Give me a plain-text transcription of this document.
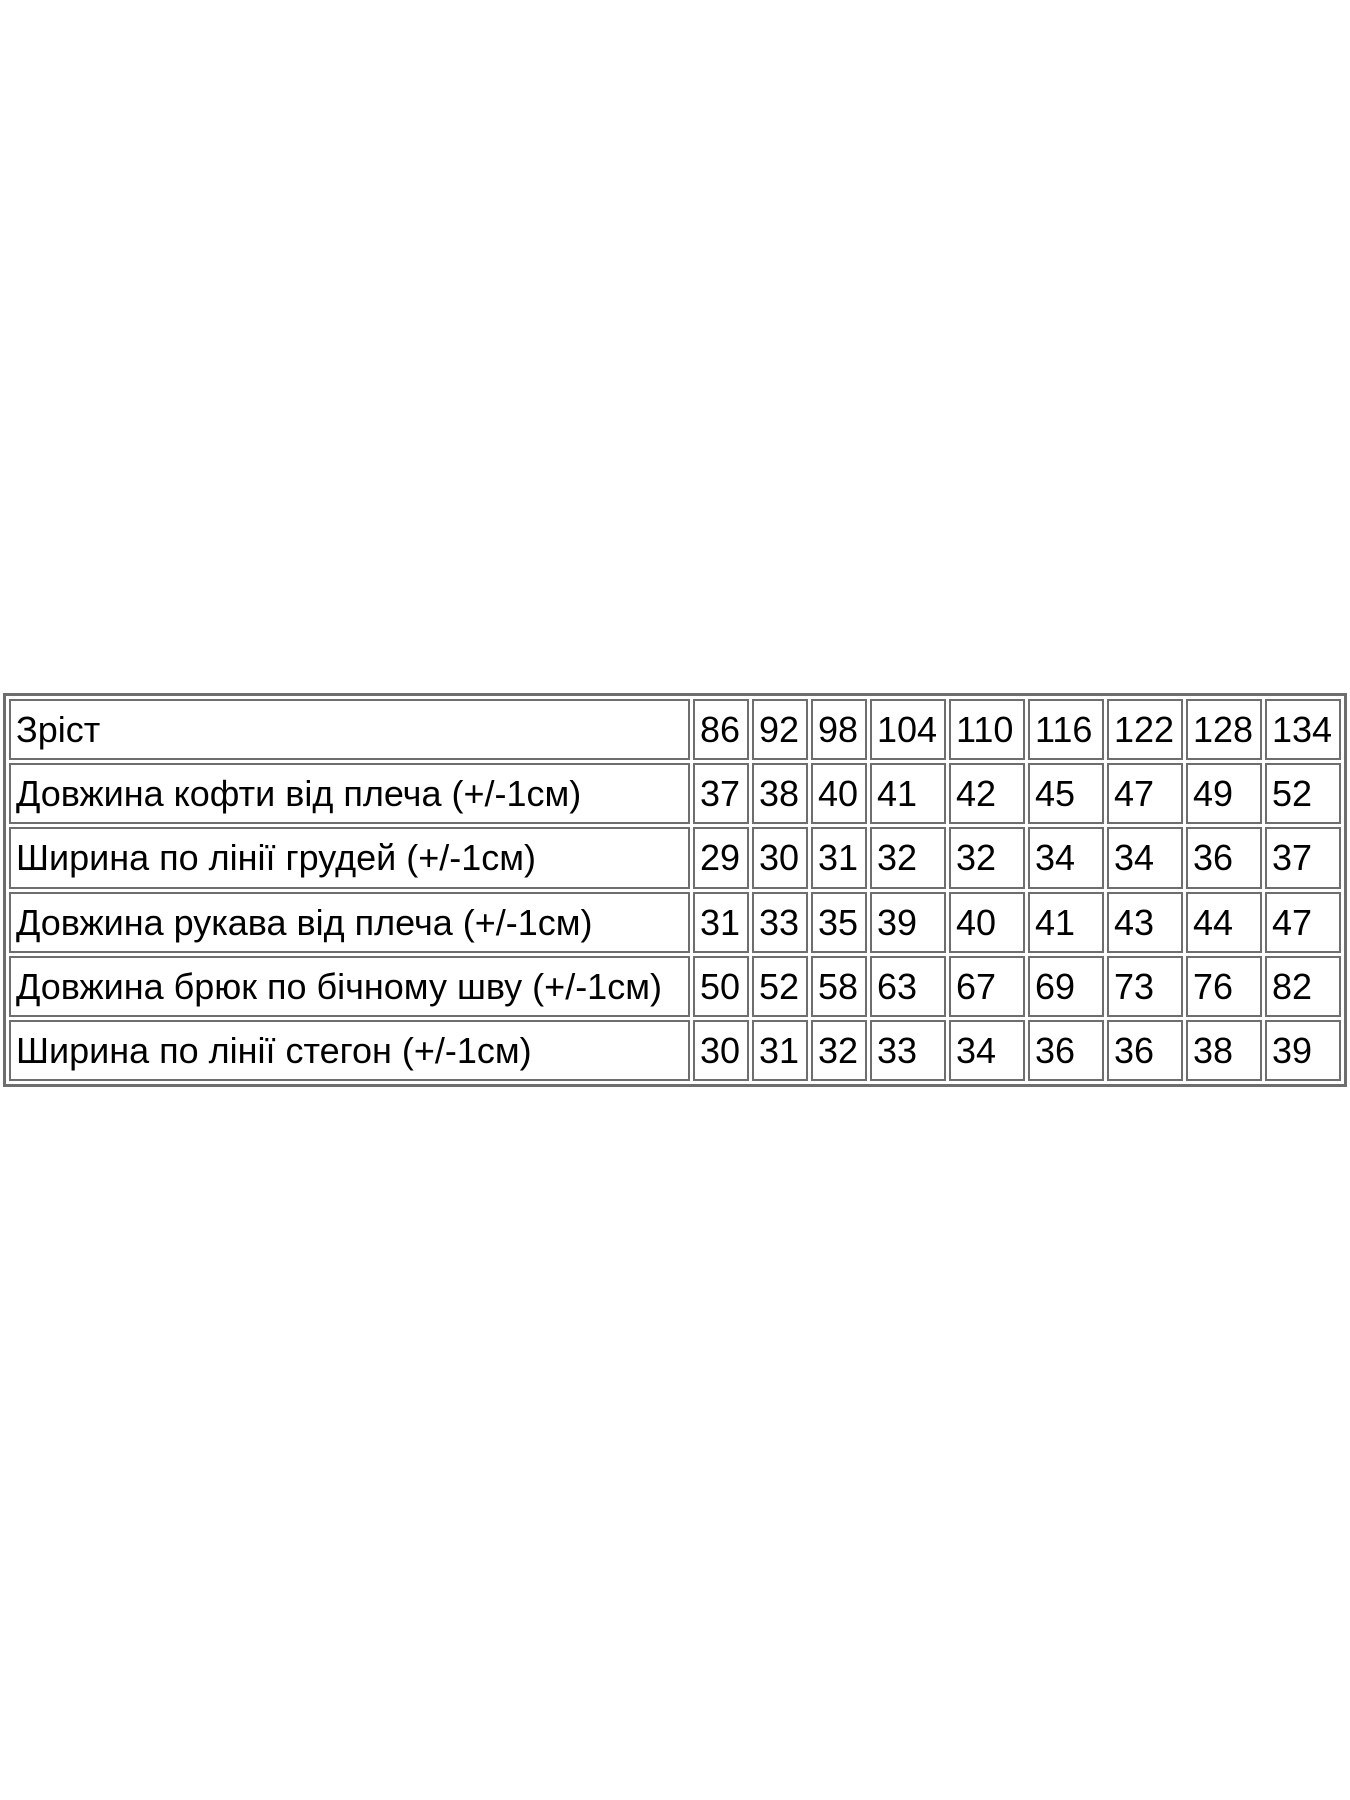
Зріст	86	92	98	104	110	116	122	128	134
Довжина кофти від плеча (+/-1см)	37	38	40	41	42	45	47	49	52
Ширина по лінії грудей (+/-1см)	29	30	31	32	32	34	34	36	37
Довжина рукава від плеча (+/-1см)	31	33	35	39	40	41	43	44	47
Довжина брюк по бічному шву (+/-1см)	50	52	58	63	67	69	73	76	82
Ширина по лінії стегон (+/-1см)	30	31	32	33	34	36	36	38	39
